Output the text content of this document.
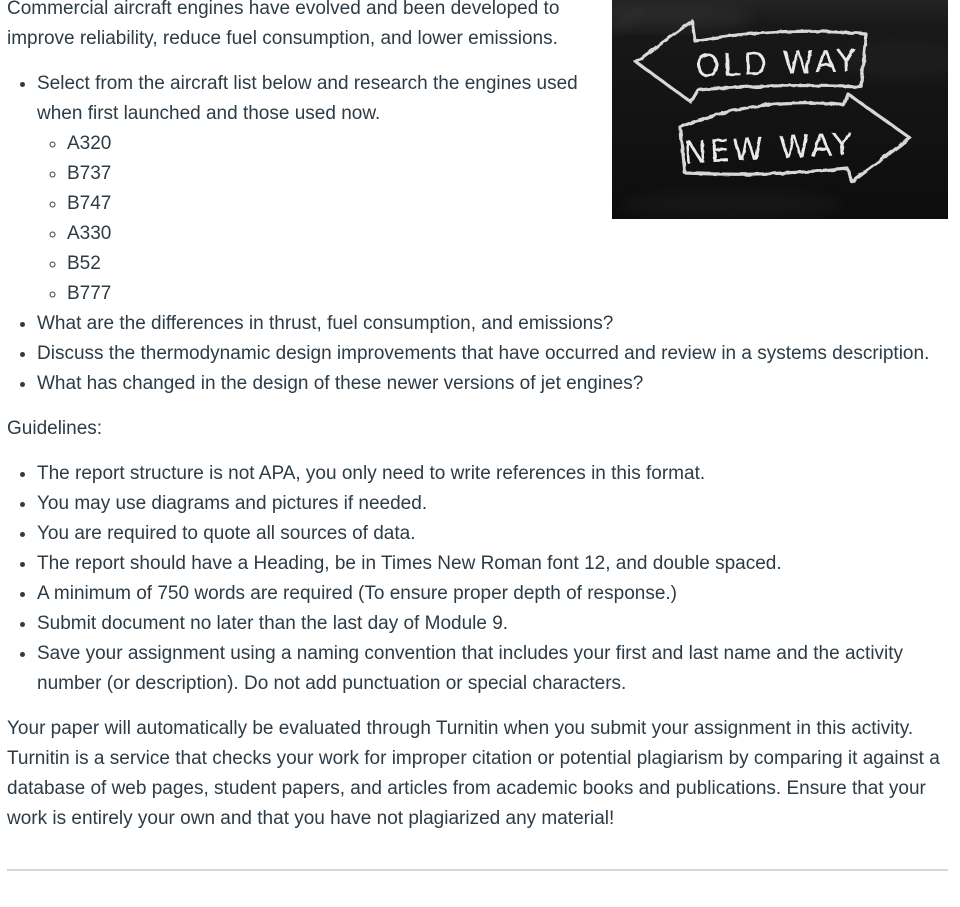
OLD WAY
NEW WAY

Commercial aircraft engines have evolved and been developed to improve reliability, reduce fuel consumption, and lower emissions.

• Select from the aircraft list below and research the engines used when first launched and those used now.
◦ A320
◦ B737
◦ B747
◦ A330
◦ B52
◦ B777
• What are the differences in thrust, fuel consumption, and emissions?
• Discuss the thermodynamic design improvements that have occurred and review in a systems description.
• What has changed in the design of these newer versions of jet engines?

Guidelines:

• The report structure is not APA, you only need to write references in this format.
• You may use diagrams and pictures if needed.
• You are required to quote all sources of data.
• The report should have a Heading, be in Times New Roman font 12, and double spaced.
• A minimum of 750 words are required (To ensure proper depth of response.)
• Submit document no later than the last day of Module 9.
• Save your assignment using a naming convention that includes your first and last name and the activity number (or description). Do not add punctuation or special characters.

Your paper will automatically be evaluated through Turnitin when you submit your assignment in this activity. Turnitin is a service that checks your work for improper citation or potential plagiarism by comparing it against a database of web pages, student papers, and articles from academic books and publications. Ensure that your work is entirely your own and that you have not plagiarized any material!
